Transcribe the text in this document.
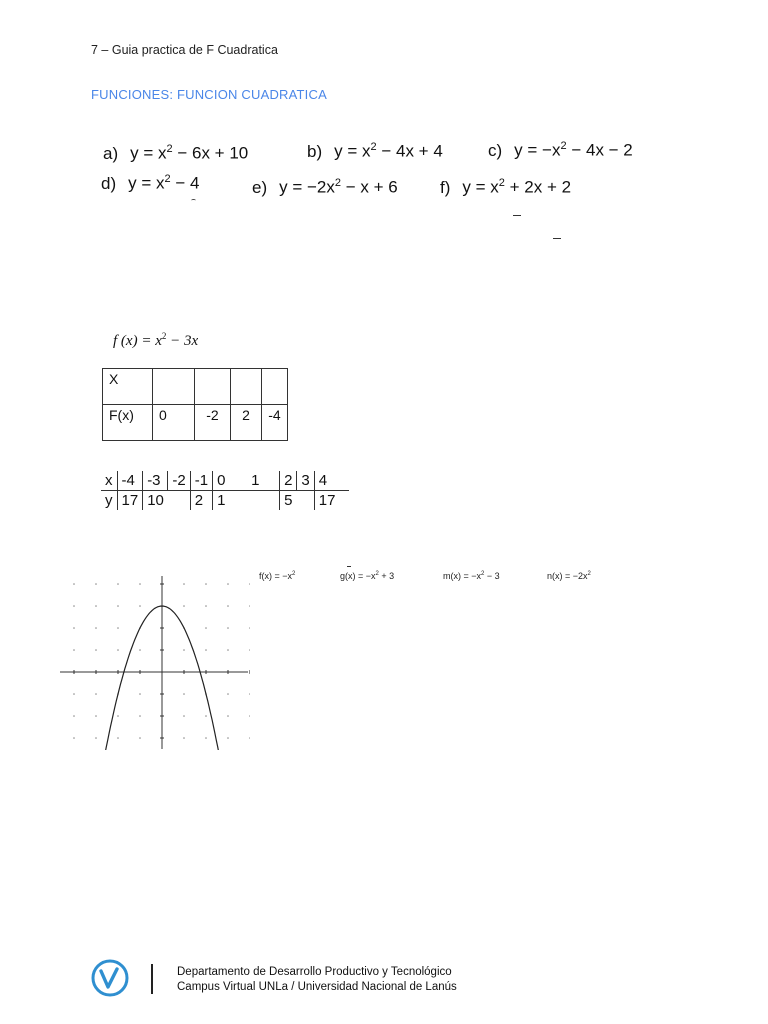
7 – Guia practica de F Cuadratica
FUNCIONES: FUNCION CUADRATICA
a) $y = x^2 - 6x + 10$	b) $y = x^2 - 4x + 4$	c) $y = -x^2 - 4x - 2$
d) $y = x^2 - 4$	e) $y = -2x^2 - x + 6$ f) $y = x^2 + 2x + 2$
f $(x) = x^2 - 3x$
X				
F(x)	0	-2	2	-4
x	-4	-3	-2	-1	0	1	2	3	4
y	17	10		2	1		5		17
$f(x) = -x^2$	$g(x) = -x^2 + 3$	$m(x) = -x^2 - 3$	$n(x) = -2x^2$
Departamento de Desarrollo Productivo y Tecnológico
Campus Virtual UNLa / Universidad Nacional de Lanús
